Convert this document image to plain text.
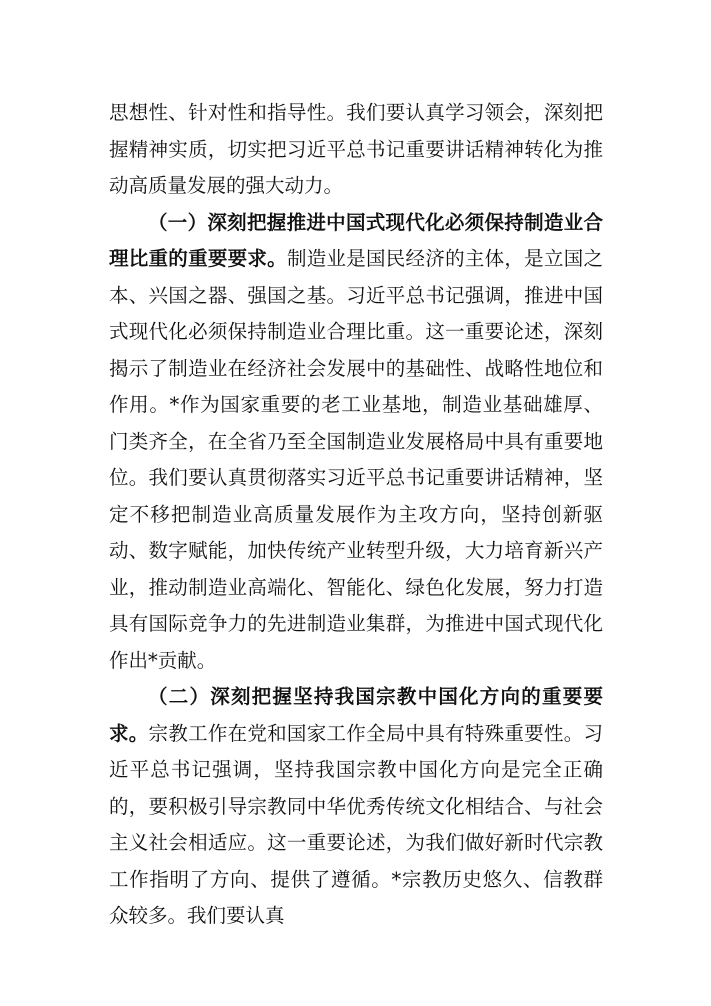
思想性、针对性和指导性。我们要认真学习领会，深刻把握精神实质，切实把习近平总书记重要讲话精神转化为推动高质量发展的强大动力。

（一）深刻把握推进中国式现代化必须保持制造业合理比重的重要要求。制造业是国民经济的主体，是立国之本、兴国之器、强国之基。习近平总书记强调，推进中国式现代化必须保持制造业合理比重。这一重要论述，深刻揭示了制造业在经济社会发展中的基础性、战略性地位和作用。*作为国家重要的老工业基地，制造业基础雄厚、门类齐全，在全省乃至全国制造业发展格局中具有重要地位。我们要认真贯彻落实习近平总书记重要讲话精神，坚定不移把制造业高质量发展作为主攻方向，坚持创新驱动、数字赋能，加快传统产业转型升级，大力培育新兴产业，推动制造业高端化、智能化、绿色化发展，努力打造具有国际竞争力的先进制造业集群，为推进中国式现代化作出*贡献。

（二）深刻把握坚持我国宗教中国化方向的重要要求。宗教工作在党和国家工作全局中具有特殊重要性。习近平总书记强调，坚持我国宗教中国化方向是完全正确的，要积极引导宗教同中华优秀传统文化相结合、与社会主义社会相适应。这一重要论述，为我们做好新时代宗教工作指明了方向、提供了遵循。*宗教历史悠久、信教群众较多。我们要认真
